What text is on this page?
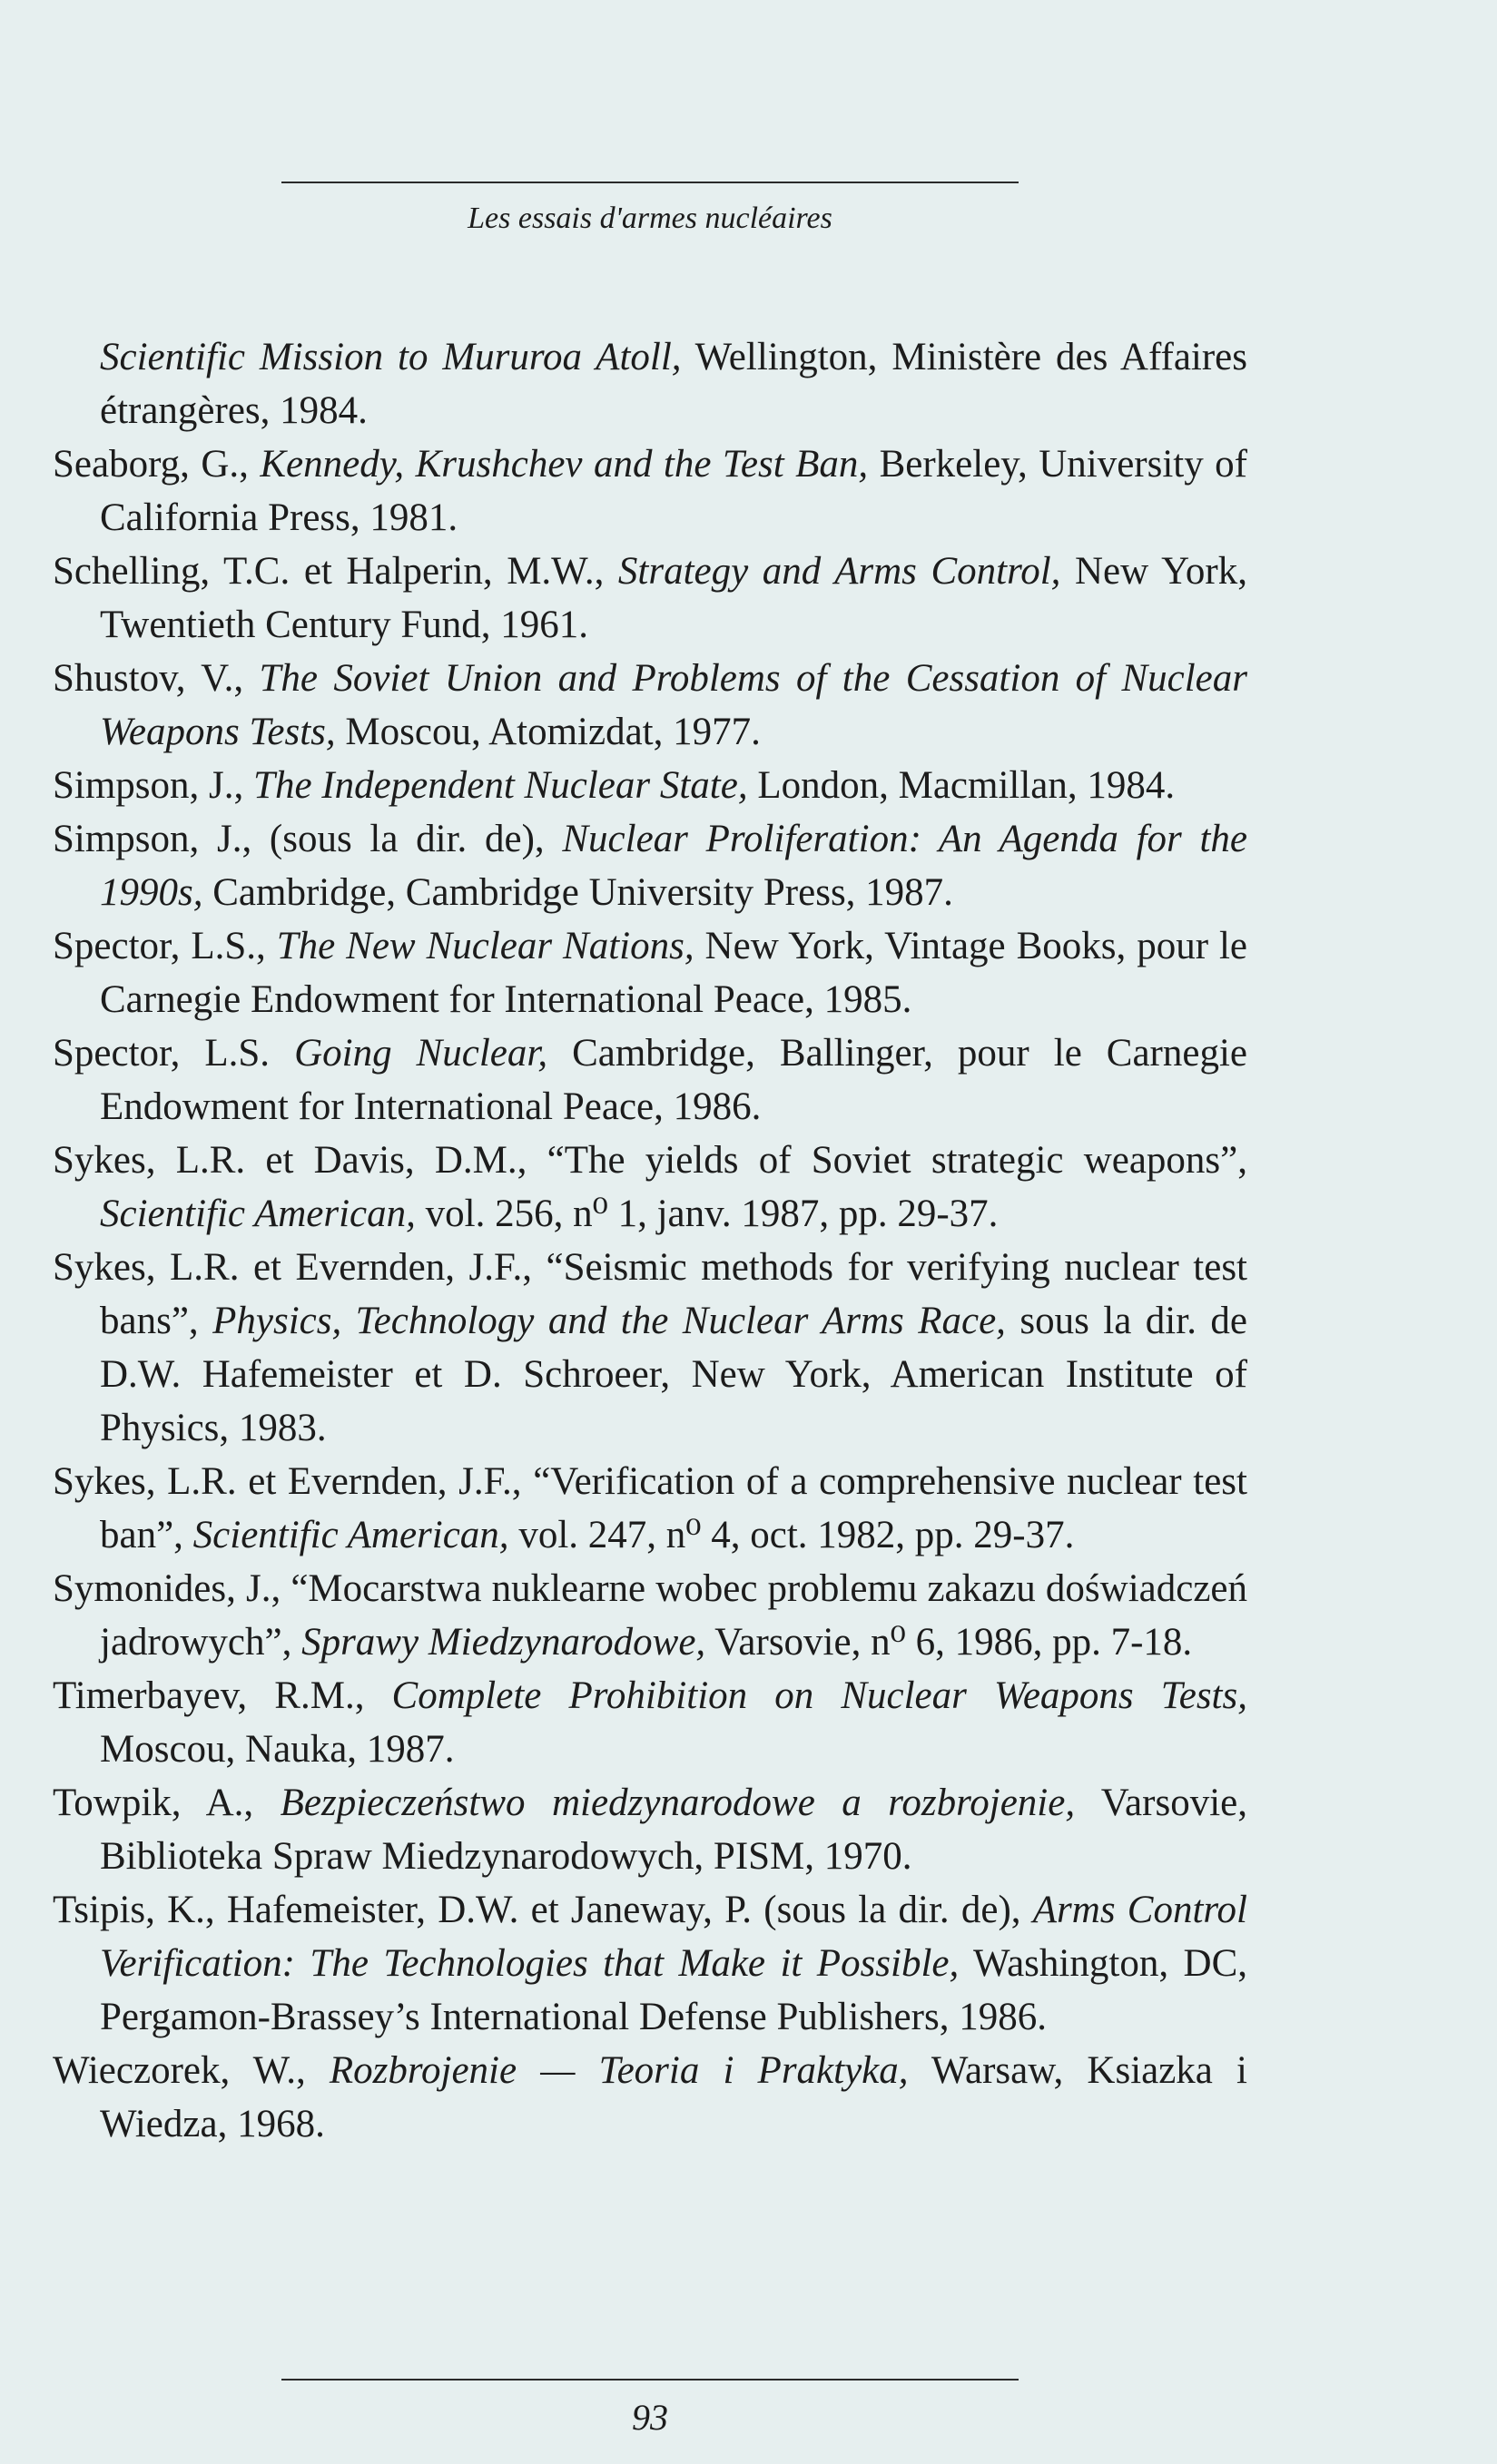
Les essais d'armes nucléaires
Scientific Mission to Mururoa Atoll, Wellington, Ministère des Affaires étrangères, 1984.
Seaborg, G., Kennedy, Krushchev and the Test Ban, Berkeley, University of California Press, 1981.
Schelling, T.C. et Halperin, M.W., Strategy and Arms Control, New York, Twentieth Century Fund, 1961.
Shustov, V., The Soviet Union and Problems of the Cessation of Nuclear Weapons Tests, Moscou, Atomizdat, 1977.
Simpson, J., The Independent Nuclear State, London, Macmillan, 1984.
Simpson, J., (sous la dir. de), Nuclear Proliferation: An Agenda for the 1990s, Cambridge, Cambridge University Press, 1987.
Spector, L.S., The New Nuclear Nations, New York, Vintage Books, pour le Carnegie Endowment for International Peace, 1985.
Spector, L.S. Going Nuclear, Cambridge, Ballinger, pour le Carnegie Endowment for International Peace, 1986.
Sykes, L.R. et Davis, D.M., “The yields of Soviet strategic weapons”, Scientific American, vol. 256, n⁰ 1, janv. 1987, pp. 29-37.
Sykes, L.R. et Evernden, J.F., “Seismic methods for verifying nuclear test bans”, Physics, Technology and the Nuclear Arms Race, sous la dir. de D.W. Hafemeister et D. Schroeer, New York, American Institute of Physics, 1983.
Sykes, L.R. et Evernden, J.F., “Verification of a comprehensive nuclear test ban”, Scientific American, vol. 247, n⁰ 4, oct. 1982, pp. 29-37.
Symonides, J., “Mocarstwa nuklearne wobec problemu zakazu doświadczeń jadrowych”, Sprawy Miedzynarodowe, Varsovie, n⁰ 6, 1986, pp. 7-18.
Timerbayev, R.M., Complete Prohibition on Nuclear Weapons Tests, Moscou, Nauka, 1987.
Towpik, A., Bezpieczeństwo miedzynarodowe a rozbrojenie, Varsovie, Biblioteka Spraw Miedzynarodowych, PISM, 1970.
Tsipis, K., Hafemeister, D.W. et Janeway, P. (sous la dir. de), Arms Control Verification: The Technologies that Make it Possible, Washington, DC, Pergamon-Brassey’s International Defense Publishers, 1986.
Wieczorek, W., Rozbrojenie — Teoria i Praktyka, Warsaw, Ksiazka i Wiedza, 1968.
93
